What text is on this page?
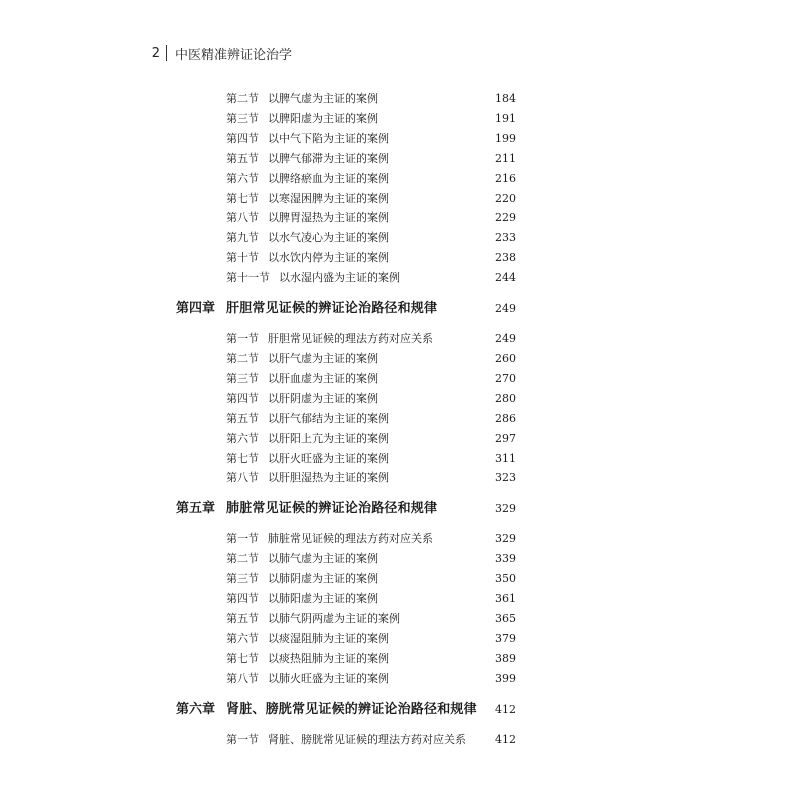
2 中医精准辨证论治学
第二节 以脾气虚为主证的案例	184
第三节 以脾阳虚为主证的案例	191
第四节 以中气下陷为主证的案例	199
第五节 以脾气郁滞为主证的案例	211
第六节 以脾络瘀血为主证的案例	216
第七节 以寒湿困脾为主证的案例	220
第八节 以脾胃湿热为主证的案例	229
第九节 以水气凌心为主证的案例	233
第十节 以水饮内停为主证的案例	238
第十一节 以水湿内盛为主证的案例	244
第四章 肝胆常见证候的辨证论治路径和规律	249
第一节 肝胆常见证候的理法方药对应关系	249
第二节 以肝气虚为主证的案例	260
第三节 以肝血虚为主证的案例	270
第四节 以肝阴虚为主证的案例	280
第五节 以肝气郁结为主证的案例	286
第六节 以肝阳上亢为主证的案例	297
第七节 以肝火旺盛为主证的案例	311
第八节 以肝胆湿热为主证的案例	323
第五章 肺脏常见证候的辨证论治路径和规律	329
第一节 肺脏常见证候的理法方药对应关系	329
第二节 以肺气虚为主证的案例	339
第三节 以肺阴虚为主证的案例	350
第四节 以肺阳虚为主证的案例	361
第五节 以肺气阴两虚为主证的案例	365
第六节 以痰湿阻肺为主证的案例	379
第七节 以痰热阻肺为主证的案例	389
第八节 以肺火旺盛为主证的案例	399
第六章 肾脏、膀胱常见证候的辨证论治路径和规律 412
第一节 肾脏、膀胱常见证候的理法方药对应关系	412
